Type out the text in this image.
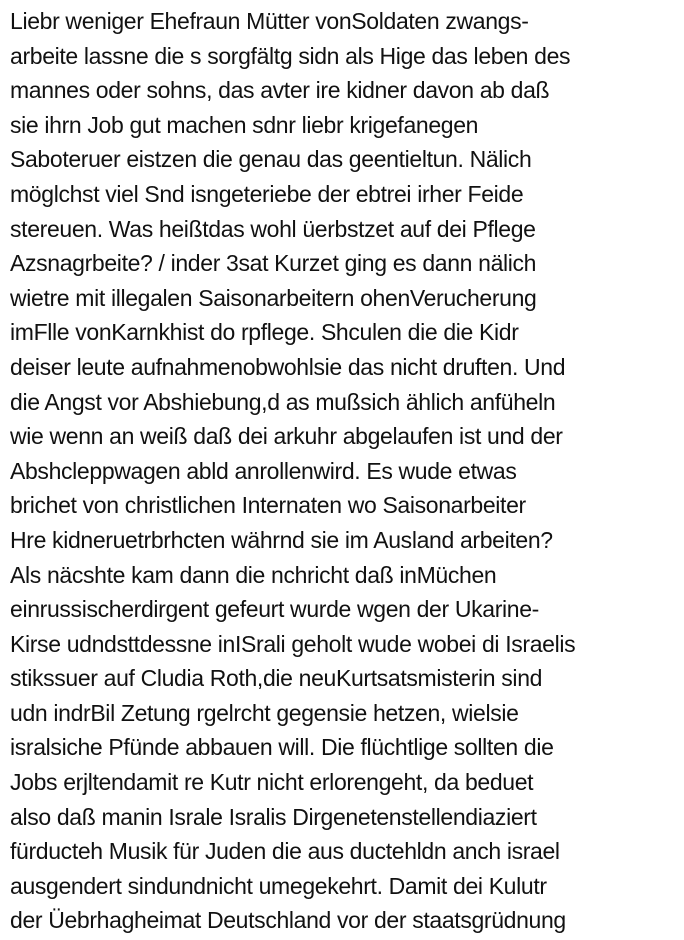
Liebr weniger Ehefraun Mütter vonSoldaten zwangs-
arbeite lassne die s sorgfältg sidn als Hige das leben des
mannes oder sohns, das avter ire kidner davon ab daß
sie ihrn Job gut machen sdnr liebr krigefanegen
Saboteruer eistzen die genau das geentieltun. Nälich
möglchst viel Snd isngeteriebe der ebtrei irher Feide
stereuen. Was heißtdas wohl üerbstzet auf dei Pflege
Azsnagrbeite? / inder 3sat Kurzet ging es dann nälich
wietre mit illegalen Saisonarbeitern ohenVerucherung
imFlle vonKarnkhist do rpflege. Shculen die die Kidr
deiser leute aufnahmenobwohlsie das nicht druften. Und
die Angst vor Abshiebung,d as mußsich ählich anfüheln
wie wenn an weiß daß dei arkuhr abgelaufen ist und der
Abshcleppwagen abld anrollenwird. Es wude etwas
brichet von christlichen Internaten wo Saisonarbeiter
Hre kidneruetrbrhcten währnd sie im Ausland arbeiten?
Als näcshte kam dann die nchricht daß inMüchen
einrussischerdirgent gefeurt wurde wgen der Ukarine-
Kirse udndsttdessne inISrali geholt wude wobei di Israelis
stikssuer auf Cludia Roth,die neuKurtsatsmisterin sind
udn indrBil Zetung rgelrcht gegensie hetzen, wielsie
isralsiche Pfünde abbauen will. Die flüchtlige sollten die
Jobs erjltendamit re Kutr nicht erlorengeht, da beduet
also daß manin Israle Isralis Dirgenetenstellendiaziert
fürducteh Musik für Juden die aus ductehldn anch israel
ausgendert sindundnicht umegekehrt. Damit dei Kulutr
der Üebrhagheimat Deutschland vor der staatsgrüdnung
